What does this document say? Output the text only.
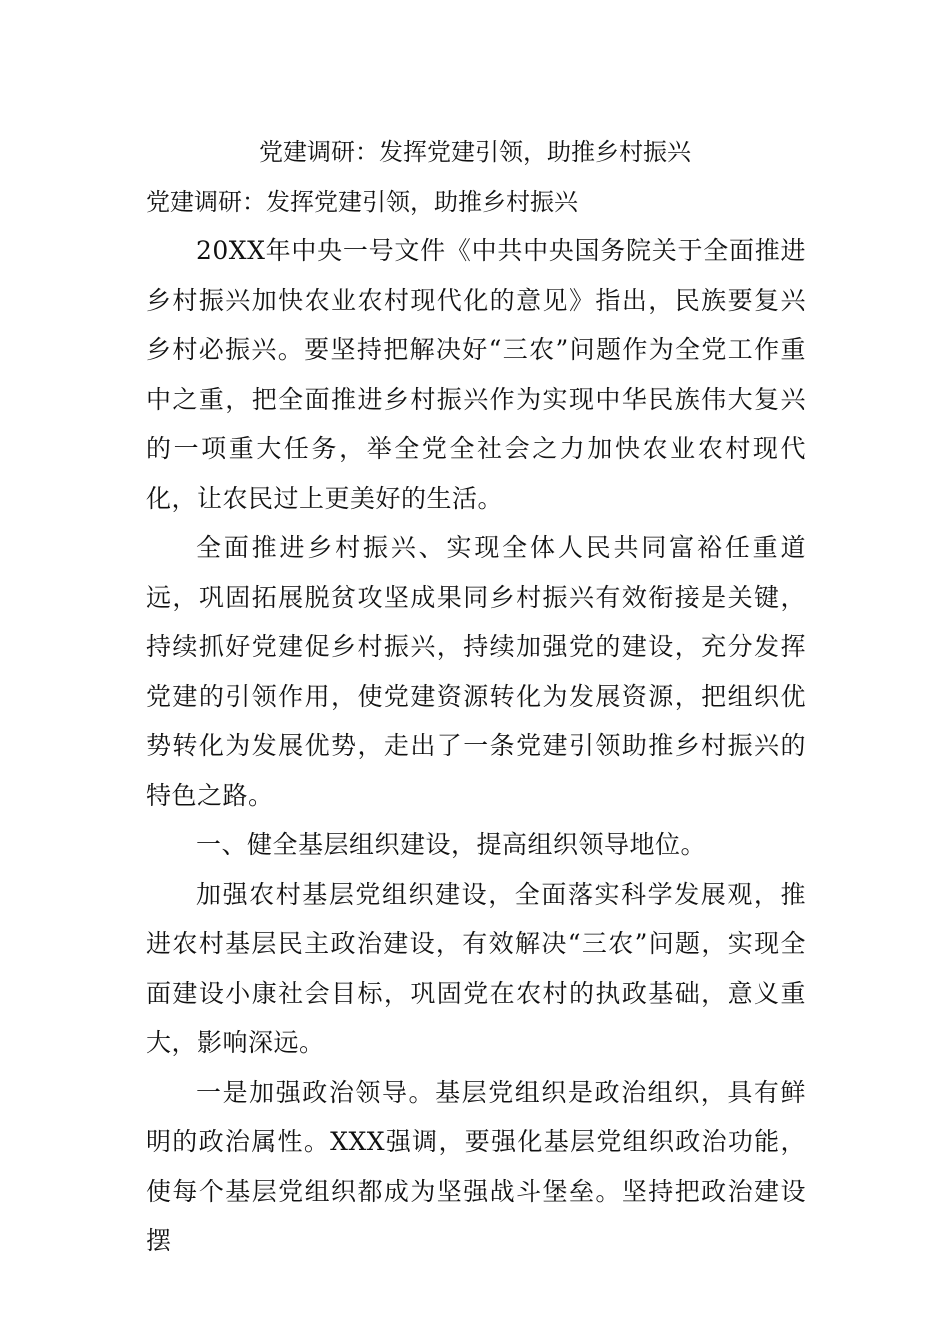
党建调研：发挥党建引领，助推乡村振兴
党建调研：发挥党建引领，助推乡村振兴

20XX年中央一号文件《中共中央国务院关于全面推进乡村振兴加快农业农村现代化的意见》指出，民族要复兴乡村必振兴。要坚持把解决好“三农”问题作为全党工作重中之重，把全面推进乡村振兴作为实现中华民族伟大复兴的一项重大任务，举全党全社会之力加快农业农村现代化，让农民过上更美好的生活。

全面推进乡村振兴、实现全体人民共同富裕任重道远，巩固拓展脱贫攻坚成果同乡村振兴有效衔接是关键，持续抓好党建促乡村振兴，持续加强党的建设，充分发挥党建的引领作用，使党建资源转化为发展资源，把组织优势转化为发展优势，走出了一条党建引领助推乡村振兴的特色之路。

一、健全基层组织建设，提高组织领导地位。

加强农村基层党组织建设，全面落实科学发展观，推进农村基层民主政治建设，有效解决“三农”问题，实现全面建设小康社会目标，巩固党在农村的执政基础，意义重大，影响深远。

一是加强政治领导。基层党组织是政治组织，具有鲜明的政治属性。XXX强调，要强化基层党组织政治功能，使每个基层党组织都成为坚强战斗堡垒。坚持把政治建设摆
